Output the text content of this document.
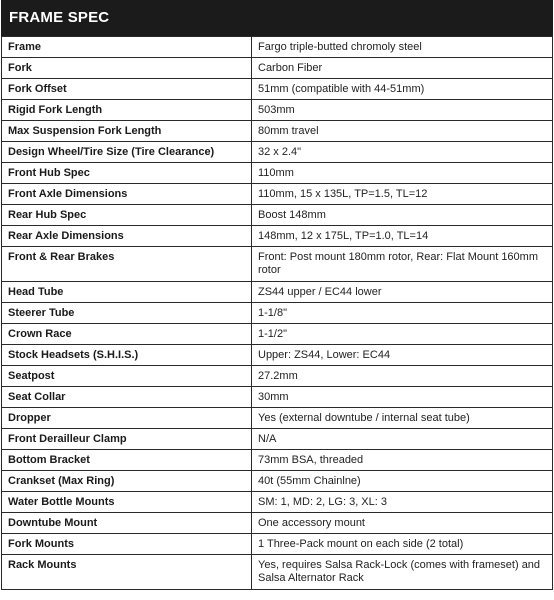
FRAME SPEC
Frame	Fargo triple-butted chromoly steel
Fork	Carbon Fiber
Fork Offset	51mm (compatible with 44-51mm)
Rigid Fork Length	503mm
Max Suspension Fork Length	80mm travel
Design Wheel/Tire Size (Tire Clearance)	32 x 2.4"
Front Hub Spec	110mm
Front Axle Dimensions	110mm, 15 x 135L, TP=1.5, TL=12
Rear Hub Spec	Boost 148mm
Rear Axle Dimensions	148mm, 12 x 175L, TP=1.0, TL=14
Front & Rear Brakes	Front: Post mount 180mm rotor, Rear: Flat Mount 160mm rotor
Head Tube	ZS44 upper / EC44 lower
Steerer Tube	1-1/8"
Crown Race	1-1/2"
Stock Headsets (S.H.I.S.)	Upper: ZS44, Lower: EC44
Seatpost	27.2mm
Seat Collar	30mm
Dropper	Yes (external downtube / internal seat tube)
Front Derailleur Clamp	N/A
Bottom Bracket	73mm BSA, threaded
Crankset (Max Ring)	40t (55mm Chainlne)
Water Bottle Mounts	SM: 1, MD: 2, LG: 3, XL: 3
Downtube Mount	One accessory mount
Fork Mounts	1 Three-Pack mount on each side (2 total)
Rack Mounts	Yes, requires Salsa Rack-Lock (comes with frameset) and Salsa Alternator Rack
